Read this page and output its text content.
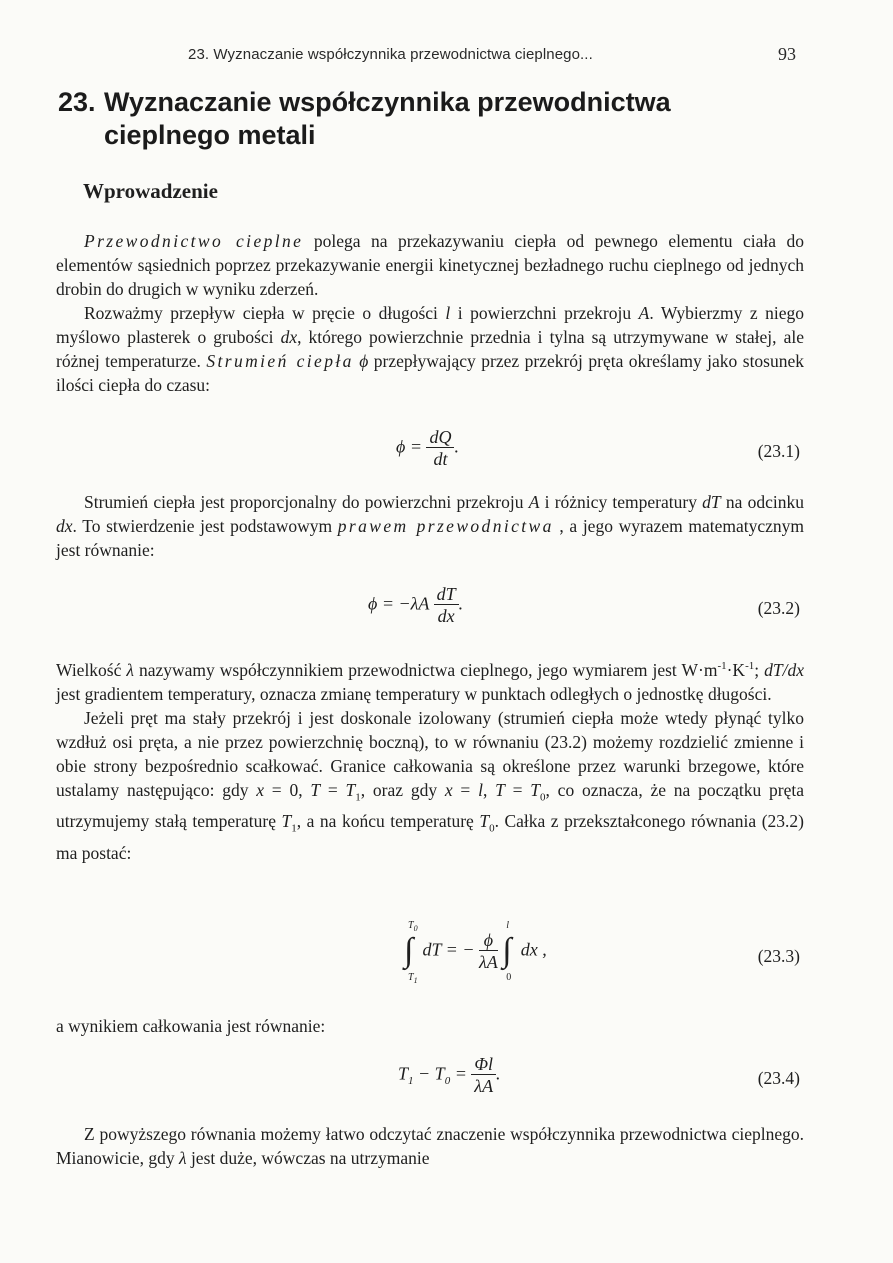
23. Wyznaczanie współczynnika przewodnictwa cieplnego...	93
23. Wyznaczanie współczynnika przewodnictwa
cieplnego metali
Wprowadzenie

Przewodnictwo cieplne polega na przekazywaniu ciepła od pewnego elementu ciała do elementów sąsiednich poprzez przekazywanie energii kinetycznej bezładnego ruchu cieplnego od jednych drobin do drugich w wyniku zderzeń.

Rozważmy przepływ ciepła w pręcie o długości l i powierzchni przekroju A. Wybierzmy z niego myślowo plasterek o grubości dx, którego powierzchnie przednia i tylna są utrzymywane w stałej, ale różnej temperaturze. Strumień ciepła ϕ przepływający przez przekrój pręta określamy jako stosunek ilości ciepła do czasu:

$\phi = \frac{dQ}{dt}$ .	(23.1)

Strumień ciepła jest proporcjonalny do powierzchni przekroju A i różnicy temperatury dT na odcinku dx. To stwierdzenie jest podstawowym prawem przewodnictwa , a jego wyrazem matematycznym jest równanie:

$\phi = -\lambda A \frac{dT}{dx}$ .	(23.2)

Wielkość λ nazywamy współczynnikiem przewodnictwa cieplnego, jego wymiarem jest $W\cdot m^{-1}\cdot K^{-1}$; dT/dx jest gradientem temperatury, oznacza zmianę temperatury w punktach odległych o jednostkę długości.

Jeżeli pręt ma stały przekrój i jest doskonale izolowany (strumień ciepła może wtedy płynąć tylko wzdłuż osi pręta, a nie przez powierzchnię boczną), to w równaniu (23.2) możemy rozdzielić zmienne i obie strony bezpośrednio scałkować. Granice całkowania są określone przez warunki brzegowe, które ustalamy następująco: gdy x = 0, $T = T_1$, oraz gdy x = l, $T = T_0$, co oznacza, że na początku pręta utrzymujemy stałą temperaturę $T_1$, a na końcu temperaturę $T_0$. Całka z przekształconego równania (23.2) ma postać:

∫
$T_0$
$T_1$
dT = − $\frac{\phi}{\lambda A}$
∫
l
0
dx ,	(23.3)

a wynikiem całkowania jest równanie:

$T_1 - T_0 = \frac{\Phi l}{\lambda A}$ .	(23.4)

Z powyższego równania możemy łatwo odczytać znaczenie współczynnika przewodnictwa cieplnego. Mianowicie, gdy λ jest duże, wówczas na utrzymanie
